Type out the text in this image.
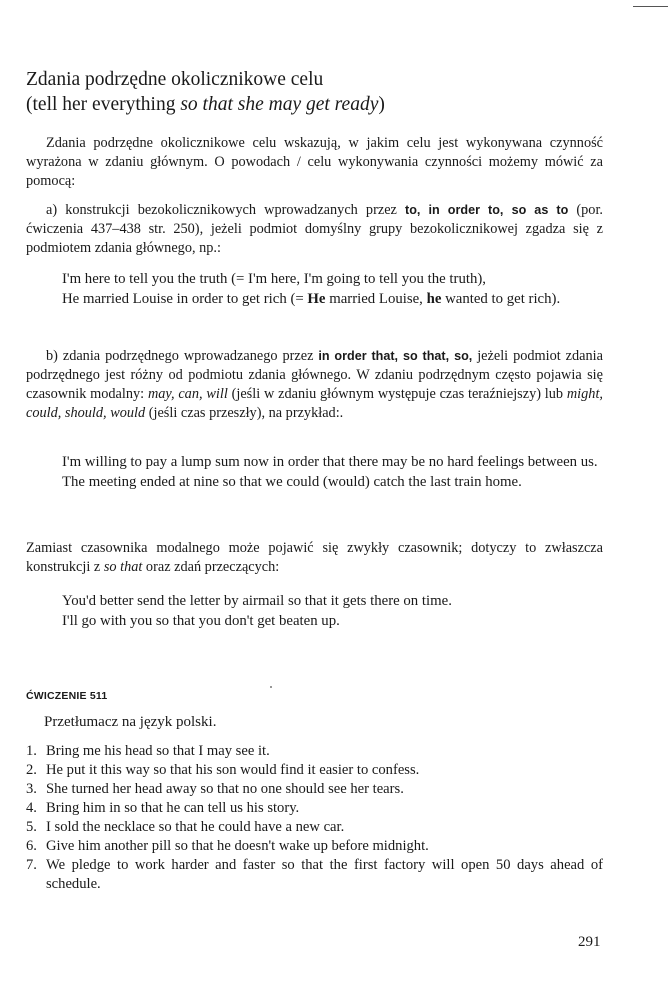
Zdania podrzędne okolicznikowe celu
(tell her everything so that she may get ready)

Zdania podrzędne okolicznikowe celu wskazują, w jakim celu jest wykonywana czynność wyrażona w zdaniu głównym. O powodach / celu wykonywania czynności możemy mówić za pomocą:

a) konstrukcji bezokolicznikowych wprowadzanych przez to, in order to, so as to (por. ćwiczenia 437–438 str. 250), jeżeli podmiot domyślny grupy bezokolicznikowej zgadza się z podmiotem zdania głównego, np.:

I'm here to tell you the truth (= I'm here, I'm going to tell you the truth),

He married Louise in order to get rich (= He married Louise, he wanted to get rich).

b) zdania podrzędnego wprowadzanego przez in order that, so that, so, jeżeli podmiot zdania podrzędnego jest różny od podmiotu zdania głównego. W zdaniu podrzędnym często pojawia się czasownik modalny: may, can, will (jeśli w zdaniu głównym występuje czas teraźniejszy) lub might, could, should, would (jeśli czas przeszły), na przykład:.

I'm willing to pay a lump sum now in order that there may be no hard feelings between us.

The meeting ended at nine so that we could (would) catch the last train home.

Zamiast czasownika modalnego może pojawić się zwykły czasownik; dotyczy to zwłaszcza konstrukcji z so that oraz zdań przeczących:

You'd better send the letter by airmail so that it gets there on time.

I'll go with you so that you don't get beaten up.

ĆWICZENIE 511
Przetłumacz na język polski.
1. Bring me his head so that I may see it.
2. He put it this way so that his son would find it easier to confess.
3. She turned her head away so that no one should see her tears.
4. Bring him in so that he can tell us his story.
5. I sold the necklace so that he could have a new car.
6. Give him another pill so that he doesn't wake up before midnight.
7. We pledge to work harder and faster so that the first factory will open 50 days ahead of schedule.
291
